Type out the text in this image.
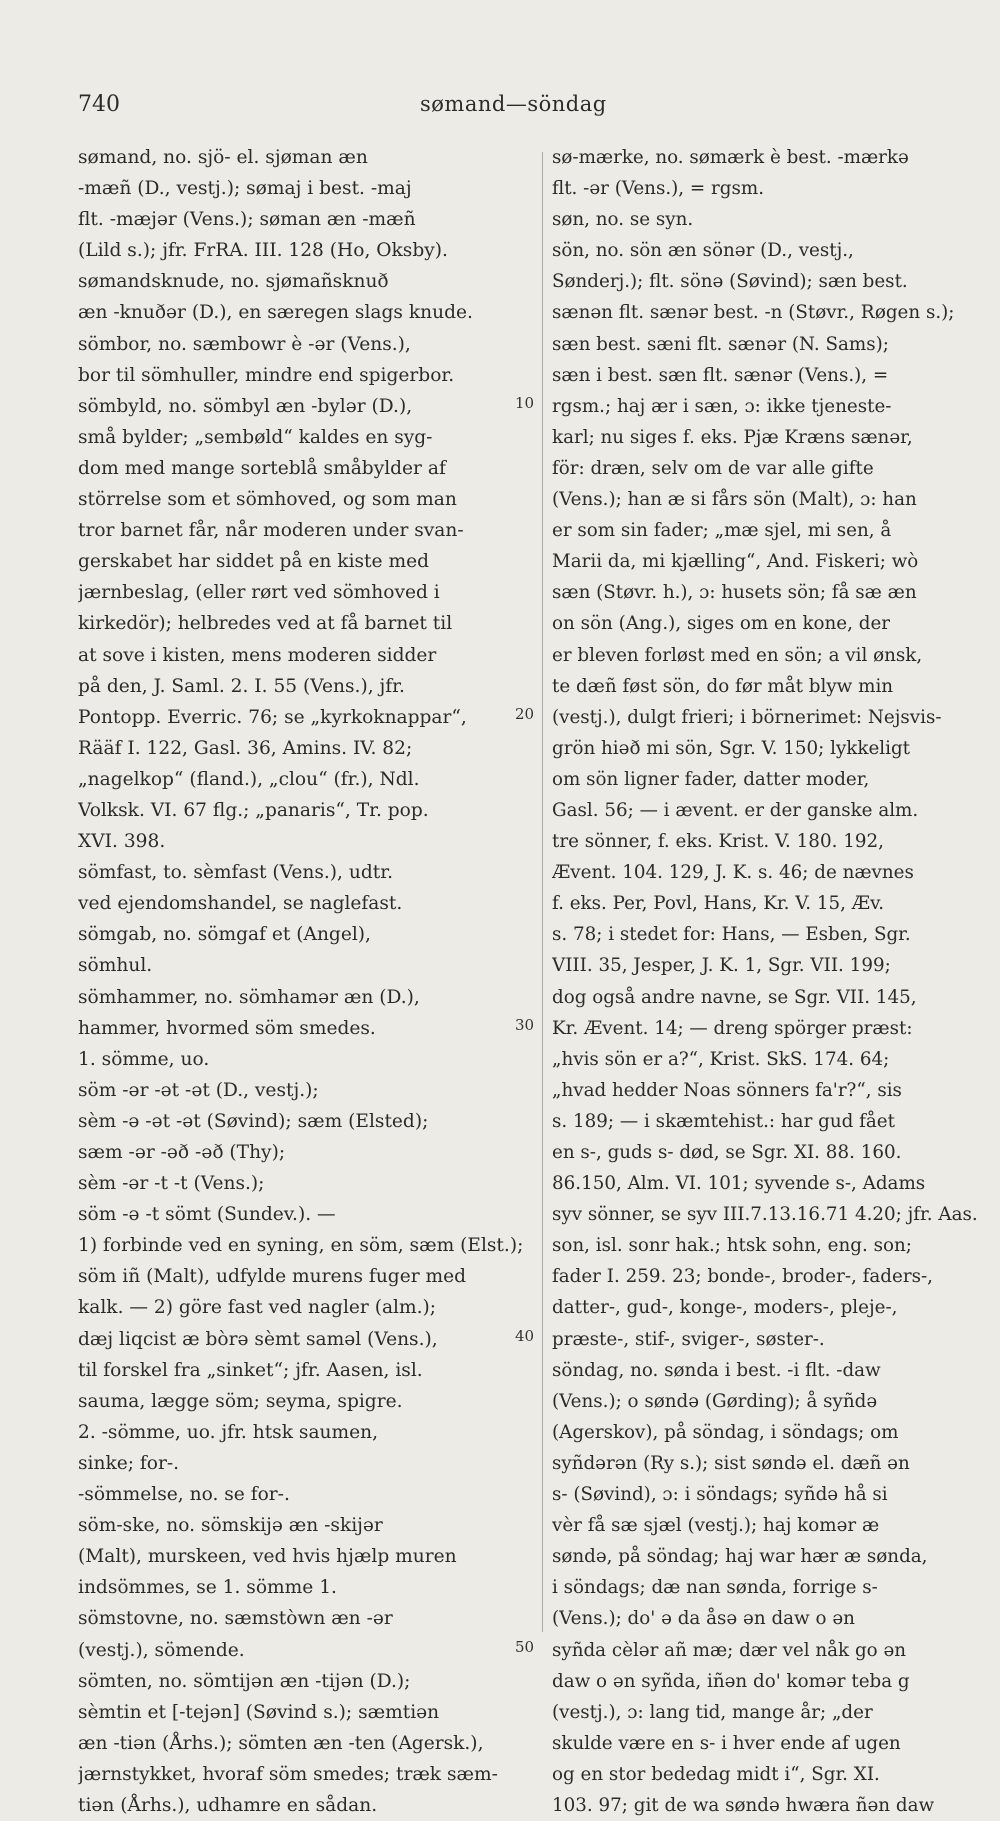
740	sømand—söndag
10
20
30
40
50
sømand, no. sjö- el. sjøman æn
-mæñ (D., vestj.); sømaj i best. -maj
flt. -mæjər (Vens.); søman æn -mæñ
(Lild s.); jfr. FrRA. III. 128 (Ho, Oksby).
sømandsknude, no. sjømañsknuð
æn -knuðər (D.), en særegen slags knude.
sömbor, no. sæmbowr è -ər (Vens.),
bor til sömhuller, mindre end spigerbor.
sömbyld, no. sömbyl æn -bylər (D.),
små bylder; „sembøld“ kaldes en syg-
dom med mange sorteblå småbylder af
störrelse som et sömhoved, og som man
tror barnet får, når moderen under svan-
gerskabet har siddet på en kiste med
jærnbeslag, (eller rørt ved sömhoved i
kirkedör); helbredes ved at få barnet til
at sove i kisten, mens moderen sidder
på den, J. Saml. 2. I. 55 (Vens.), jfr.
Pontopp. Everric. 76; se „kyrkoknappar“,
Rääf I. 122, Gasl. 36, Amins. IV. 82;
„nagelkop“ (fland.), „clou“ (fr.), Ndl.
Volksk. VI. 67 flg.; „panaris“, Tr. pop.
XVI. 398.
sömfast, to. sèmfast (Vens.), udtr.
ved ejendomshandel, se naglefast.
sömgab, no. sömgaf et (Angel),
sömhul.
sömhammer, no. sömhamər æn (D.),
hammer, hvormed söm smedes.
1. sömme, uo.
söm -ər -ət -ət (D., vestj.);
sèm -ə -ət -ət (Søvind); sæm (Elsted);
sæm -ər -əð -əð (Thy);
sèm -ər -t -t (Vens.);
söm -ə -t sömt (Sundev.). —
1) forbinde ved en syning, en söm, sæm (Elst.);
söm iñ (Malt), udfylde murens fuger med
kalk. — 2) göre fast ved nagler (alm.);
dæj liqcist æ bòrə sèmt saməl (Vens.),
til forskel fra „sinket“; jfr. Aasen, isl.
sauma, lægge söm; seyma, spigre.
2. -sömme, uo. jfr. htsk saumen,
sinke; for-.
-sömmelse, no. se for-.
söm-ske, no. sömskijə æn -skijər
(Malt), murskeen, ved hvis hjælp muren
indsömmes, se 1. sömme 1.
sömstovne, no. sæmstòwn æn -ər
(vestj.), sömende.
sömten, no. sömtijən æn -tijən (D.);
sèmtin et [-tejən] (Søvind s.); sæmtiən
æn -tiən (Århs.); sömten æn -ten (Agersk.),
jærnstykket, hvoraf söm smedes; træk sæm-
tiən (Århs.), udhamre en sådan.
sø-mærke, no. sømærk è best. -mærkə
flt. -ər (Vens.), = rgsm.
søn, no. se syn.
sön, no. sön æn sönər (D., vestj.,
Sønderj.); flt. sönə (Søvind); sæn best.
sænən flt. sænər best. -n (Støvr., Røgen s.);
sæn best. sæni flt. sænər (N. Sams);
sæn i best. sæn flt. sænər (Vens.), =
rgsm.; haj ær i sæn, ɔ: ikke tjeneste-
karl; nu siges f. eks. Pjæ Kræns sænər,
för: dræn, selv om de var alle gifte
(Vens.); han æ si fårs sön (Malt), ɔ: han
er som sin fader; „mæ sjel, mi sen, å
Marii da, mi kjælling“, And. Fiskeri; wò
sæn (Støvr. h.), ɔ: husets sön; få sæ æn
on sön (Ang.), siges om en kone, der
er bleven forløst med en sön; a vil ønsk,
te dæñ føst sön, do før måt blyw min
(vestj.), dulgt frieri; i börnerimet: Nejsvis-
grön hiəð mi sön, Sgr. V. 150; lykkeligt
om sön ligner fader, datter moder,
Gasl. 56; — i ævent. er der ganske alm.
tre sönner, f. eks. Krist. V. 180. 192,
Ævent. 104. 129, J. K. s. 46; de nævnes
f. eks. Per, Povl, Hans, Kr. V. 15, Æv.
s. 78; i stedet for: Hans, — Esben, Sgr.
VIII. 35, Jesper, J. K. 1, Sgr. VII. 199;
dog også andre navne, se Sgr. VII. 145,
Kr. Ævent. 14; — dreng spörger præst:
„hvis sön er a?“, Krist. SkS. 174. 64;
„hvad hedder Noas sönners fa'r?“, sis
s. 189; — i skæmtehist.: har gud fået
en s-, guds s- død, se Sgr. XI. 88. 160.
86.150, Alm. VI. 101; syvende s-, Adams
syv sönner, se syv III.7.13.16.71 4.20; jfr. Aas.
son, isl. sonr hak.; htsk sohn, eng. son;
fader I. 259. 23; bonde-, broder-, faders-,
datter-, gud-, konge-, moders-, pleje-,
præste-, stif-, sviger-, søster-.
söndag, no. sønda i best. -i flt. -daw
(Vens.); o søndə (Gørding); å syñdə
(Agerskov), på söndag, i söndags; om
syñdərən (Ry s.); sist søndə el. dæñ ən
s- (Søvind), ɔ: i söndags; syñdə hå si
vèr få sæ sjæl (vestj.); haj komər æ
søndə, på söndag; haj war hær æ sønda,
i söndags; dæ nan sønda, forrige s-
(Vens.); do' ə da åsə ən daw o ən
syñda cèlər añ mæ; dær vel nåk go ən
daw o ən syñda, iñən do' komər teba g
(vestj.), ɔ: lang tid, mange år; „der
skulde være en s- i hver ende af ugen
og en stor bededag midt i“, Sgr. XI.
103. 97; git de wa søndə hwæra ñən daw
